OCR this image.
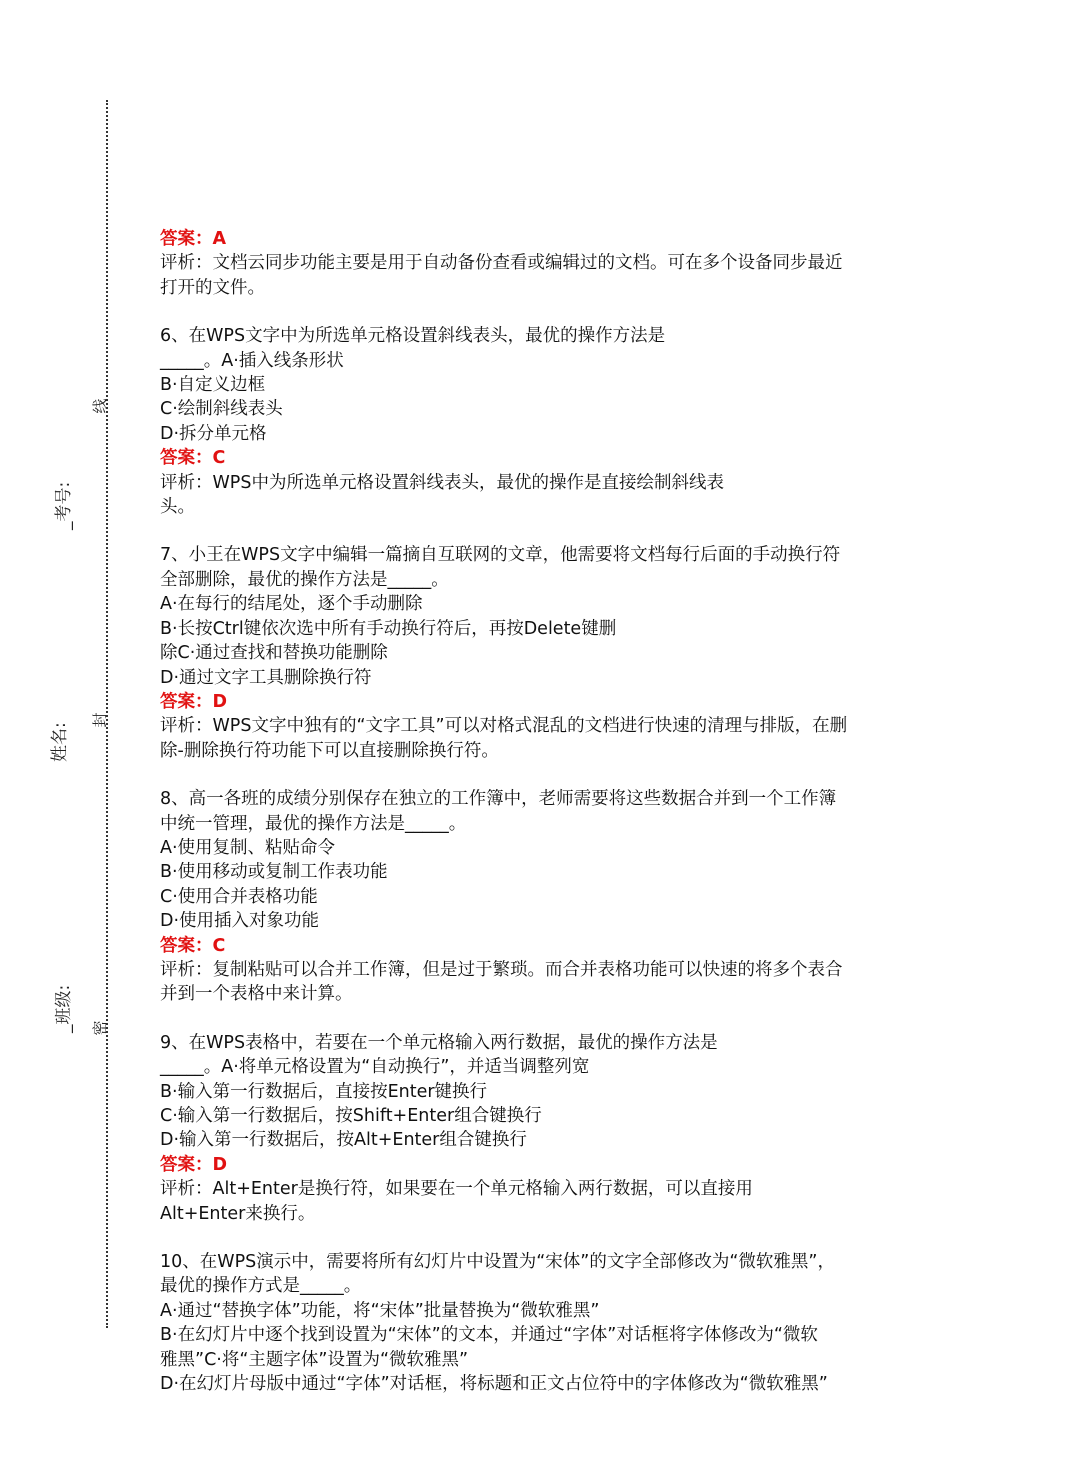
_考号:
姓名:
_班级:
线
封
密
答案：A
评析：文档云同步功能主要是用于自动备份查看或编辑过的文档。可在多个设备同步最近
打开的文件。
6、在WPS文字中为所选单元格设置斜线表头，最优的操作方法是
_____。A·插入线条形状
B·自定义边框
C·绘制斜线表头
D·拆分单元格
答案：C
评析：WPS中为所选单元格设置斜线表头，最优的操作是直接绘制斜线表
头。
7、小王在WPS文字中编辑一篇摘自互联网的文章，他需要将文档每行后面的手动换行符
全部删除，最优的操作方法是_____。
A·在每行的结尾处，逐个手动删除
B·长按Ctrl键依次选中所有手动换行符后，再按Delete键删
除C·通过查找和替换功能删除
D·通过文字工具删除换行符
答案：D
评析：WPS文字中独有的“文字工具”可以对格式混乱的文档进行快速的清理与排版，在删
除-删除换行符功能下可以直接删除换行符。
8、高一各班的成绩分别保存在独立的工作簿中，老师需要将这些数据合并到一个工作簿
中统一管理，最优的操作方法是_____。
A·使用复制、粘贴命令
B·使用移动或复制工作表功能
C·使用合并表格功能
D·使用插入对象功能
答案：C
评析：复制粘贴可以合并工作簿，但是过于繁琐。而合并表格功能可以快速的将多个表合
并到一个表格中来计算。
9、在WPS表格中，若要在一个单元格输入两行数据，最优的操作方法是
_____。A·将单元格设置为“自动换行”，并适当调整列宽
B·输入第一行数据后，直接按Enter键换行
C·输入第一行数据后，按Shift+Enter组合键换行
D·输入第一行数据后，按Alt+Enter组合键换行
答案：D
评析：Alt+Enter是换行符，如果要在一个单元格输入两行数据，可以直接用
Alt+Enter来换行。
10、在WPS演示中，需要将所有幻灯片中设置为“宋体”的文字全部修改为“微软雅黑”，
最优的操作方式是_____。
A·通过“替换字体”功能，将“宋体”批量替换为“微软雅黑”
B·在幻灯片中逐个找到设置为“宋体”的文本，并通过“字体”对话框将字体修改为“微软
雅黑”C·将“主题字体”设置为“微软雅黑”
D·在幻灯片母版中通过“字体”对话框，将标题和正文占位符中的字体修改为“微软雅黑”
